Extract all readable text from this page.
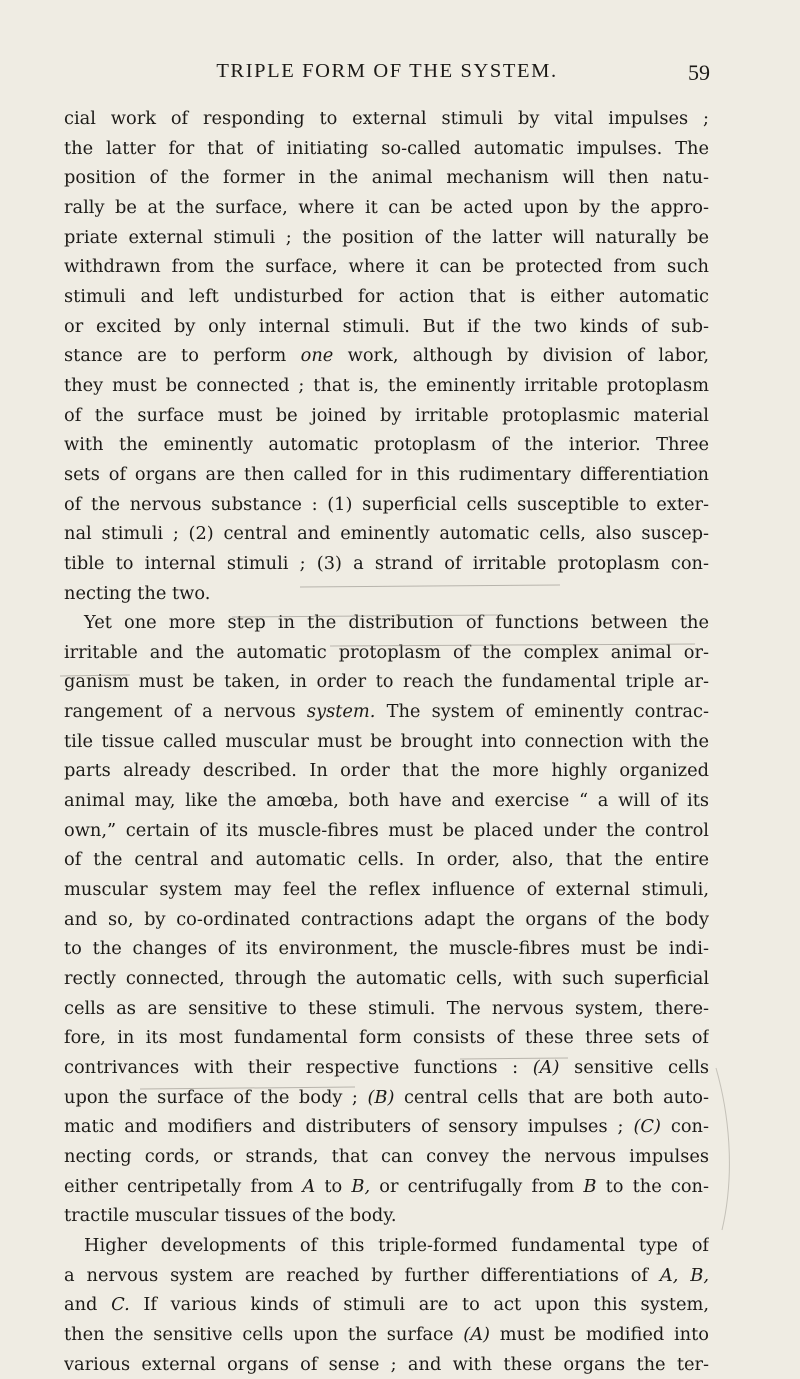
TRIPLE FORM OF THE SYSTEM.	59
cial work of responding to external stimuli by vital impulses ;
the latter for that of initiating so-called automatic impulses. The
position of the former in the animal mechanism will then natu-
rally be at the surface, where it can be acted upon by the appro-
priate external stimuli ; the position of the latter will naturally be
withdrawn from the surface, where it can be protected from such
stimuli and left undisturbed for action that is either automatic
or excited by only internal stimuli. But if the two kinds of sub-
stance are to perform one work, although by division of labor,
they must be connected ; that is, the eminently irritable protoplasm
of the surface must be joined by irritable protoplasmic material
with the eminently automatic protoplasm of the interior. Three
sets of organs are then called for in this rudimentary differentiation
of the nervous substance : (1) superficial cells susceptible to exter-
nal stimuli ; (2) central and eminently automatic cells, also suscep-
tible to internal stimuli ; (3) a strand of irritable protoplasm con-
necting the two.
Yet one more step in the distribution of functions between the
irritable and the automatic protoplasm of the complex animal or-
ganism must be taken, in order to reach the fundamental triple ar-
rangement of a nervous system. The system of eminently contrac-
tile tissue called muscular must be brought into connection with the
parts already described. In order that the more highly organized
animal may, like the amœba, both have and exercise “ a will of its
own,” certain of its muscle-fibres must be placed under the control
of the central and automatic cells. In order, also, that the entire
muscular system may feel the reflex influence of external stimuli,
and so, by co-ordinated contractions adapt the organs of the body
to the changes of its environment, the muscle-fibres must be indi-
rectly connected, through the automatic cells, with such superficial
cells as are sensitive to these stimuli. The nervous system, there-
fore, in its most fundamental form consists of these three sets of
contrivances with their respective functions : (A) sensitive cells
upon the surface of the body ; (B) central cells that are both auto-
matic and modifiers and distributers of sensory impulses ; (C) con-
necting cords, or strands, that can convey the nervous impulses
either centripetally from A to B, or centrifugally from B to the con-
tractile muscular tissues of the body.
Higher developments of this triple-formed fundamental type of
a nervous system are reached by further differentiations of A, B,
and C. If various kinds of stimuli are to act upon this system,
then the sensitive cells upon the surface (A) must be modified into
various external organs of sense ; and with these organs the ter-
